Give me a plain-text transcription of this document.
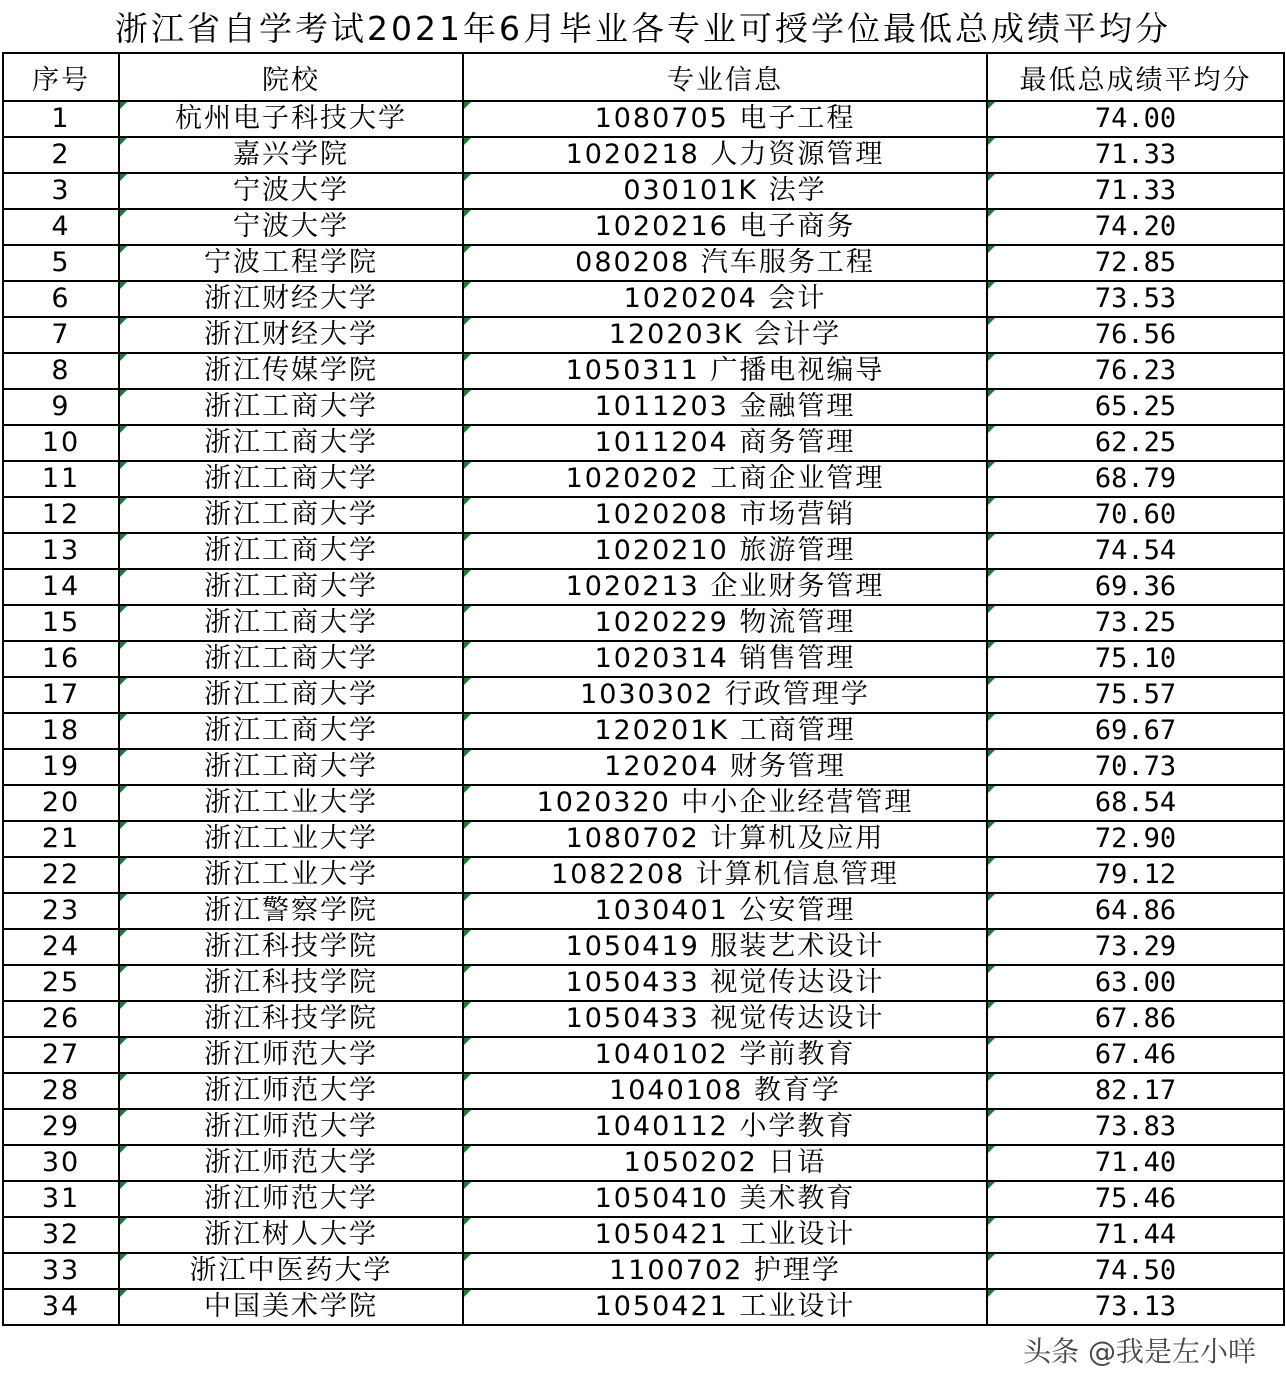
浙江省自学考试2021年6月毕业各专业可授学位最低总成绩平均分
序号	院校	专业信息	最低总成绩平均分
1	杭州电子科技大学	1080705 电子工程	74.00
2	嘉兴学院	1020218 人力资源管理	71.33
3	宁波大学	030101K 法学	71.33
4	宁波大学	1020216 电子商务	74.20
5	宁波工程学院	080208 汽车服务工程	72.85
6	浙江财经大学	1020204 会计	73.53
7	浙江财经大学	120203K 会计学	76.56
8	浙江传媒学院	1050311 广播电视编导	76.23
9	浙江工商大学	1011203 金融管理	65.25
10	浙江工商大学	1011204 商务管理	62.25
11	浙江工商大学	1020202 工商企业管理	68.79
12	浙江工商大学	1020208 市场营销	70.60
13	浙江工商大学	1020210 旅游管理	74.54
14	浙江工商大学	1020213 企业财务管理	69.36
15	浙江工商大学	1020229 物流管理	73.25
16	浙江工商大学	1020314 销售管理	75.10
17	浙江工商大学	1030302 行政管理学	75.57
18	浙江工商大学	120201K 工商管理	69.67
19	浙江工商大学	120204 财务管理	70.73
20	浙江工业大学	1020320 中小企业经营管理	68.54
21	浙江工业大学	1080702 计算机及应用	72.90
22	浙江工业大学	1082208 计算机信息管理	79.12
23	浙江警察学院	1030401 公安管理	64.86
24	浙江科技学院	1050419 服装艺术设计	73.29
25	浙江科技学院	1050433 视觉传达设计	63.00
26	浙江科技学院	1050433 视觉传达设计	67.86
27	浙江师范大学	1040102 学前教育	67.46
28	浙江师范大学	1040108 教育学	82.17
29	浙江师范大学	1040112 小学教育	73.83
30	浙江师范大学	1050202 日语	71.40
31	浙江师范大学	1050410 美术教育	75.46
32	浙江树人大学	1050421 工业设计	71.44
33	浙江中医药大学	1100702 护理学	74.50
34	中国美术学院	1050421 工业设计	73.13
头条 @我是左小咩
